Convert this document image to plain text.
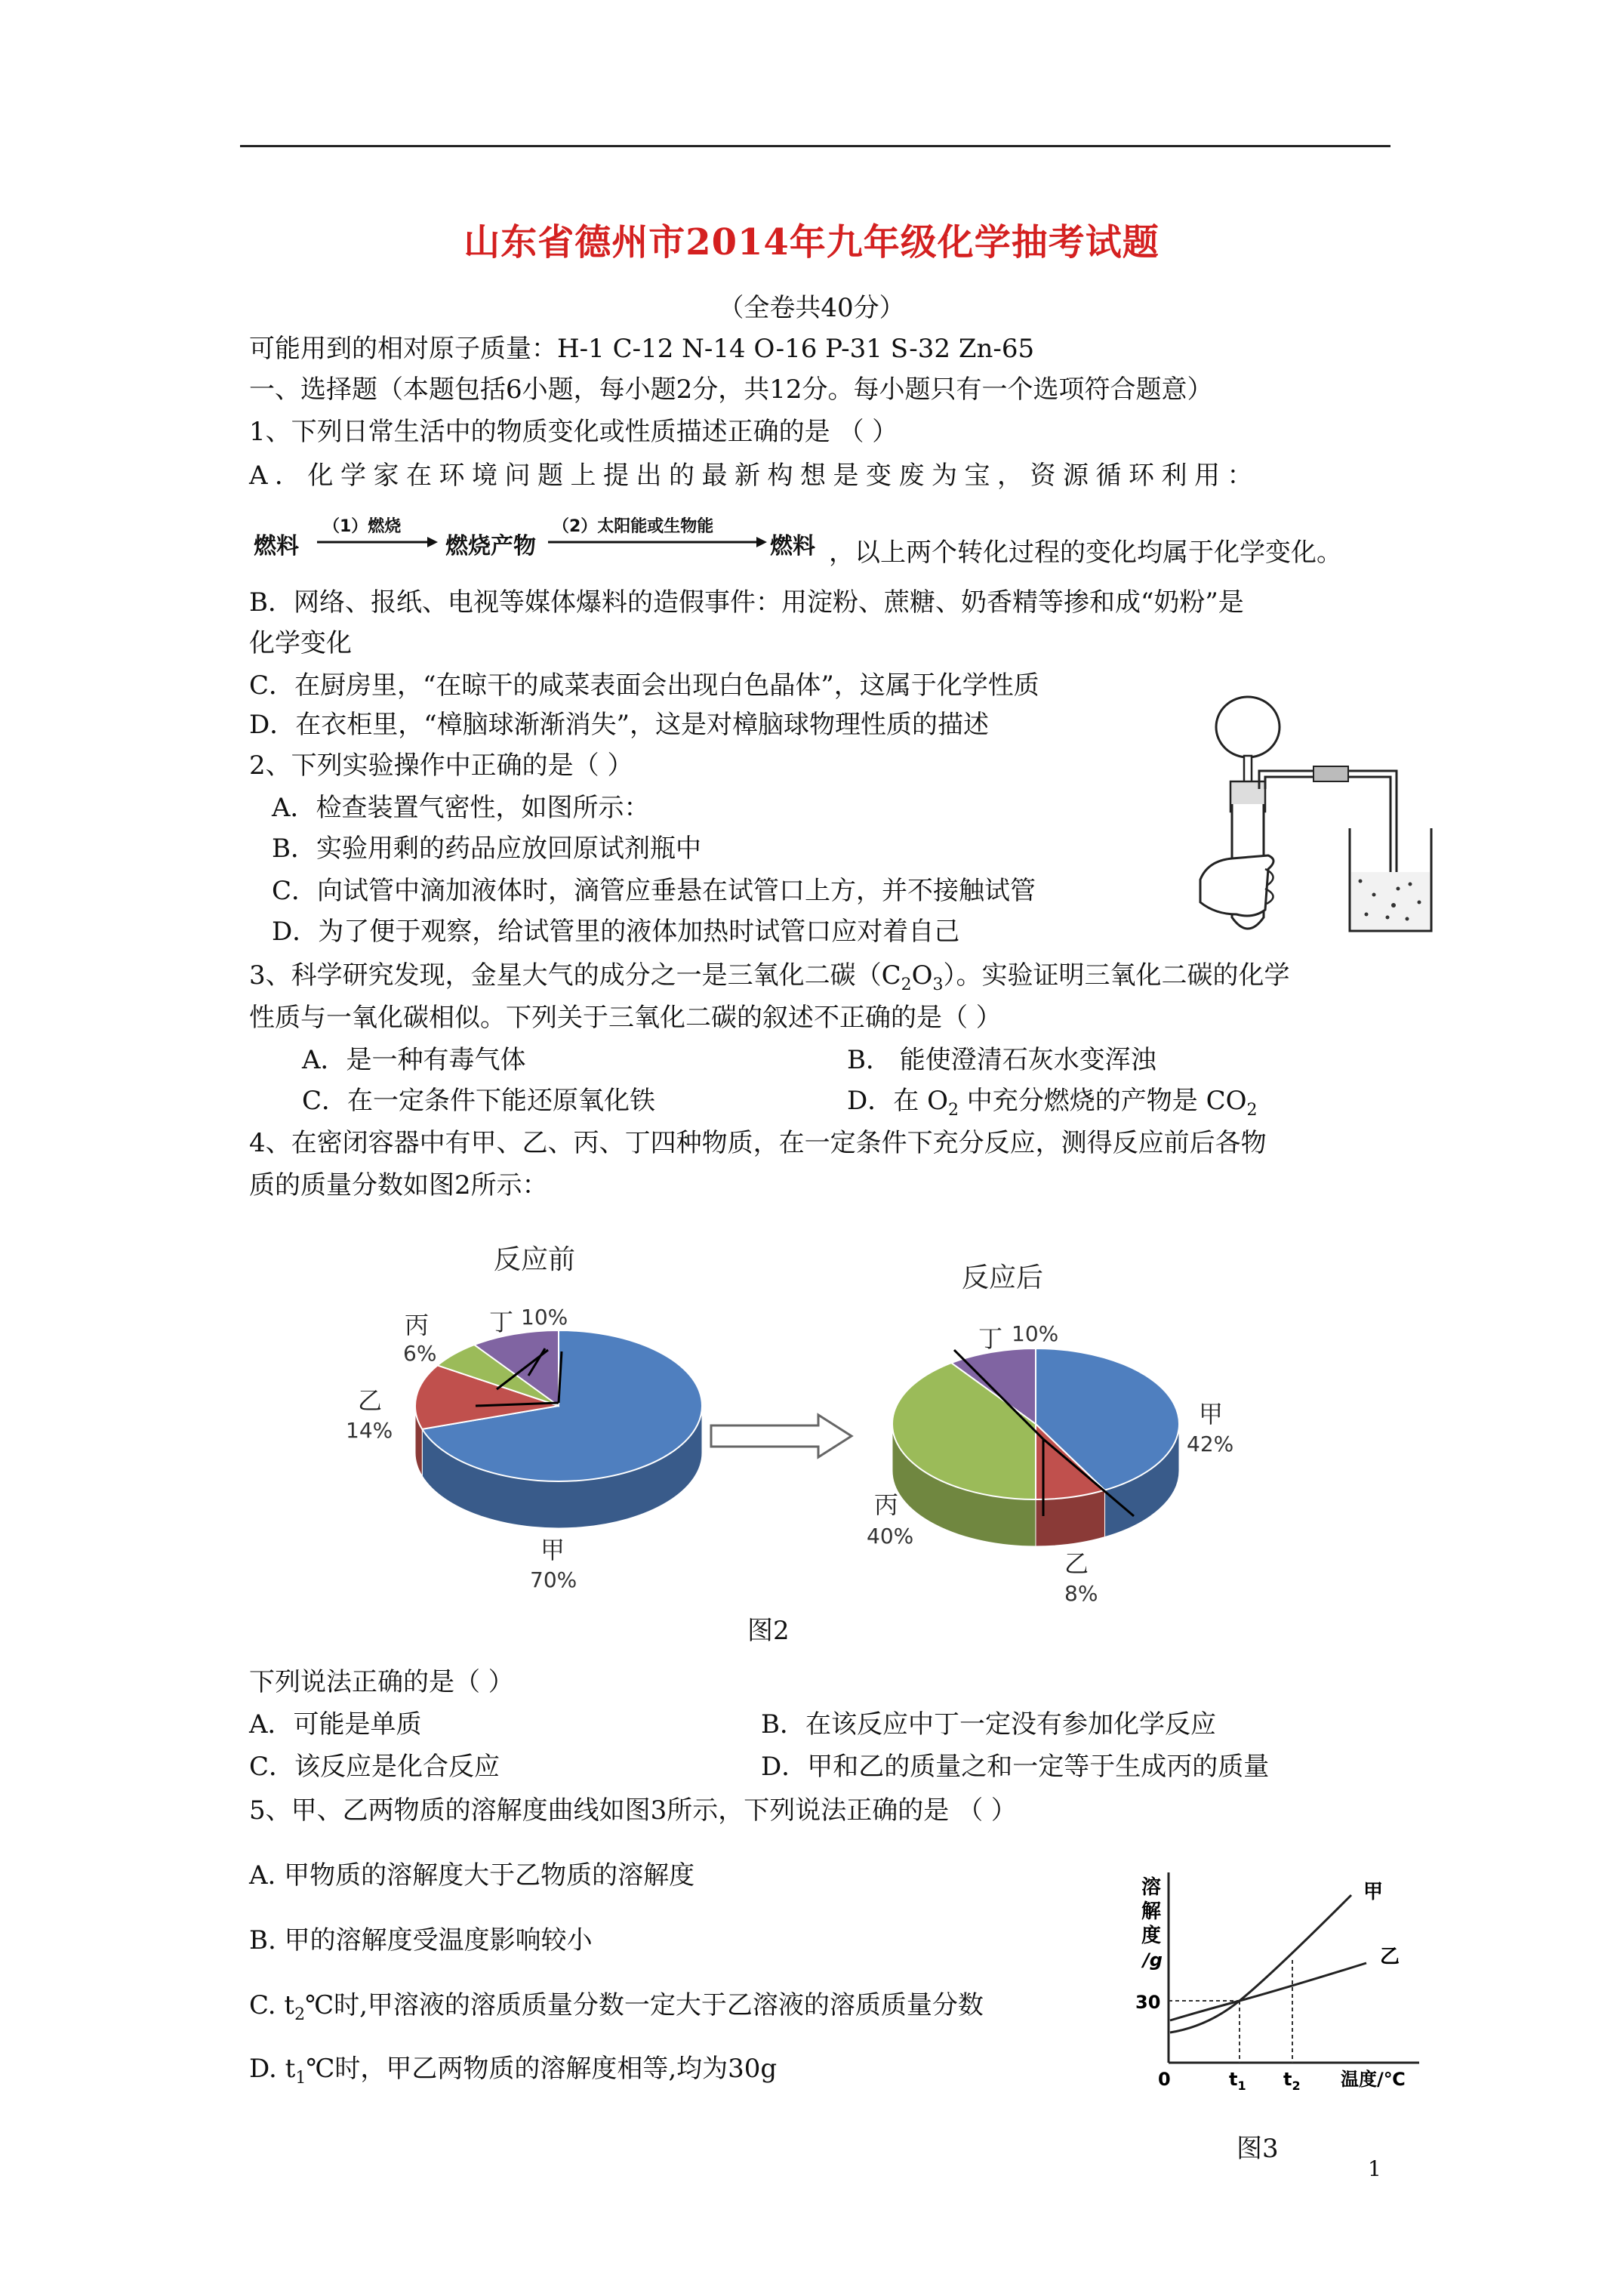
山东省德州市2014年九年级化学抽考试题
（全卷共40分）
可能用到的相对原子质量：H-1 C-12 N-14 O-16 P-31 S-32 Zn-65
一、选择题（本题包括6小题，每小题2分，共12分。每小题只有一个选项符合题意）
1、下列日常生活中的物质变化或性质描述正确的是 （ ）
A．化学家在环境问题上提出的最新构想是变废为宝，资源循环利用：
燃料
（1）燃烧
燃烧产物
（2）太阳能或生物能
燃料 ，以上两个转化过程的变化均属于化学变化。
B．网络、报纸、电视等媒体爆料的造假事件：用淀粉、蔗糖、奶香精等掺和成“奶粉”是
化学变化
C．在厨房里，“在晾干的咸菜表面会出现白色晶体”，这属于化学性质
D．在衣柜里，“樟脑球渐渐消失”，这是对樟脑球物理性质的描述
2、下列实验操作中正确的是（ ）
A．检查装置气密性，如图所示：
B．实验用剩的药品应放回原试剂瓶中
C．向试管中滴加液体时，滴管应垂悬在试管口上方，并不接触试管
D．为了便于观察，给试管里的液体加热时试管口应对着自己
3、科学研究发现，金星大气的成分之一是三氧化二碳$(C_2O_3)$。实验证明三氧化二碳的化学
性质与一氧化碳相似。下列关于三氧化二碳的叙述不正确的是（ ）
A．是一种有毒气体	B． 能使澄清石灰水变浑浊
C．在一定条件下能还原氧化铁	D．在 $O_2$ 中充分燃烧的产物是 $CO_2$
4、在密闭容器中有甲、乙、丙、丁四种物质，在一定条件下充分反应，测得反应前后各物
质的质量分数如图2所示：
反应前
丙
6%
丁 10%
乙
14%
甲
70%
反应后
丁 10%
甲
42%
丙
40%
乙
8%
图2
下列说法正确的是（ ）
A．可能是单质	B．在该反应中丁一定没有参加化学反应
C．该反应是化合反应	D．甲和乙的质量之和一定等于生成丙的质量
5、甲、乙两物质的溶解度曲线如图3所示，下列说法正确的是 （ ）
A. 甲物质的溶解度大于乙物质的溶解度
B. 甲的溶解度受温度影响较小
C. $t_2℃$时,甲溶液的溶质质量分数一定大于乙溶液的溶质质量分数
D. $t_1℃$时，甲乙两物质的溶解度相等,均为30g
溶
解
度
/g
甲
乙
30
0	$t_1$ $t_2$ 温度/℃
图3
1
